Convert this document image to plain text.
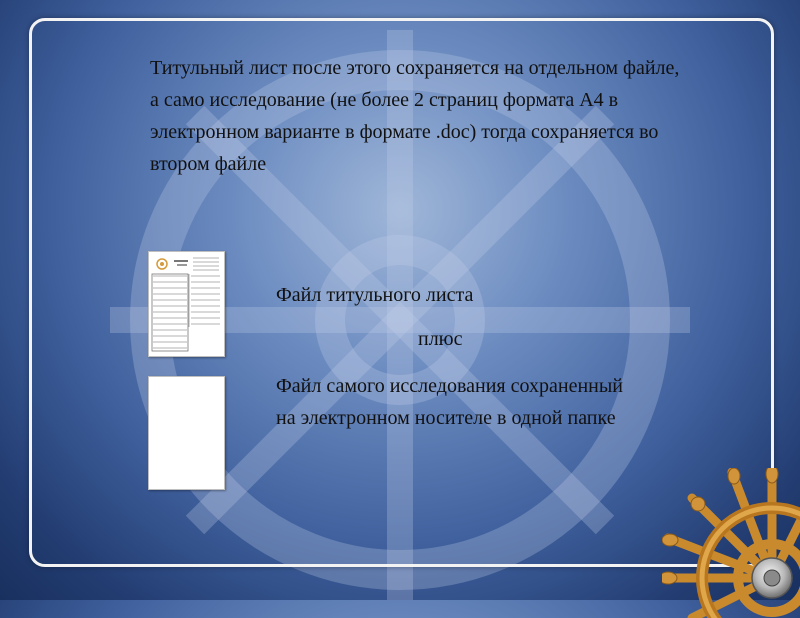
Титульный лист после этого сохраняется на отдельном файле, а само исследование (не более 2 страниц формата А4 в электронном варианте в формате .doc) тогда сохраняется во втором файле
Файл титульного листа
плюс
Файл самого исследования сохраненный на электронном носителе в одной папке
